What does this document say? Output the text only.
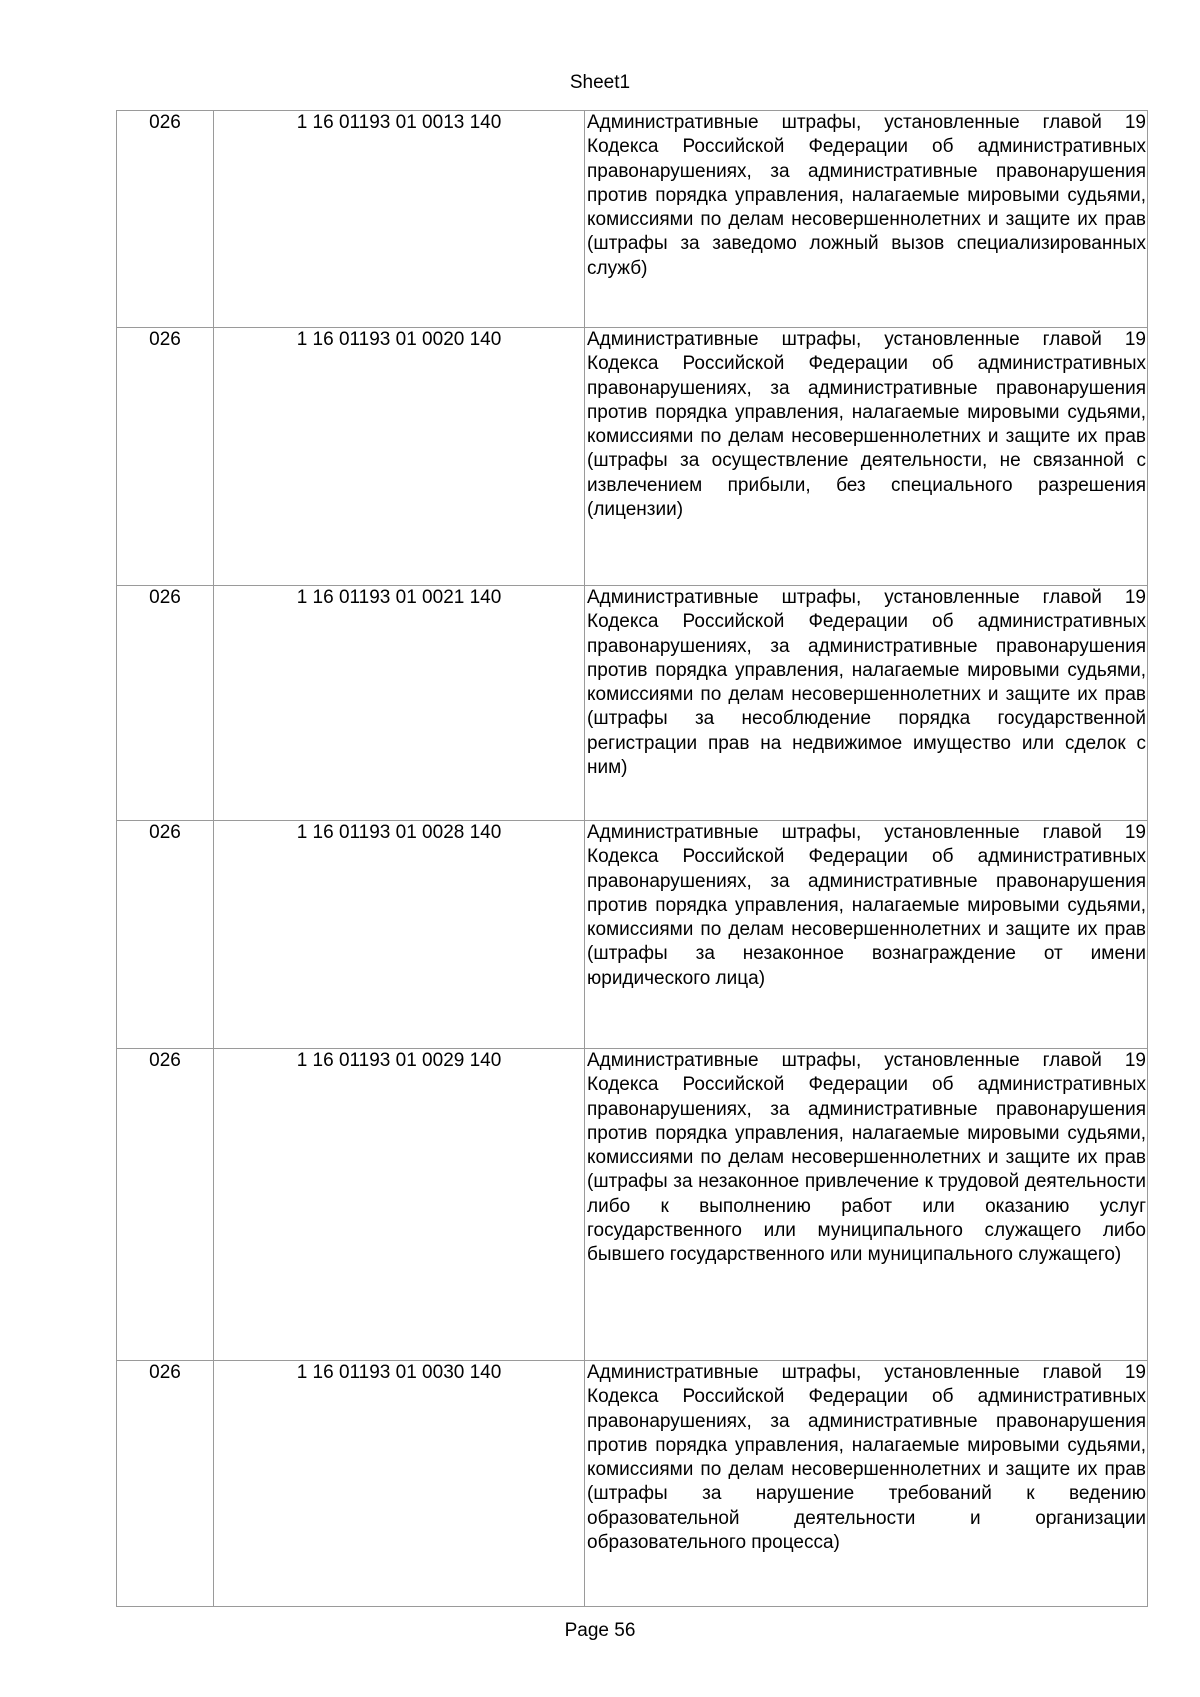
Sheet1
026	1 16 01193 01 0013 140	Административные штрафы, установленные главой 19 Кодекса Российской Федерации об административных правонарушениях, за административные правонарушения против порядка управления, налагаемые мировыми судьями, комиссиями по делам несовершеннолетних и защите их прав (штрафы за заведомо ложный вызов специализированных служб)

026	1 16 01193 01 0020 140	Административные штрафы, установленные главой 19 Кодекса Российской Федерации об административных правонарушениях, за административные правонарушения против порядка управления, налагаемые мировыми судьями, комиссиями по делам несовершеннолетних и защите их прав (штрафы за осуществление деятельности, не связанной с извлечением прибыли, без специального разрешения (лицензии)

026	1 16 01193 01 0021 140	Административные штрафы, установленные главой 19 Кодекса Российской Федерации об административных правонарушениях, за административные правонарушения против порядка управления, налагаемые мировыми судьями, комиссиями по делам несовершеннолетних и защите их прав (штрафы за несоблюдение порядка государственной регистрации прав на недвижимое имущество или сделок с ним)

026	1 16 01193 01 0028 140	Административные штрафы, установленные главой 19 Кодекса Российской Федерации об административных правонарушениях, за административные правонарушения против порядка управления, налагаемые мировыми судьями, комиссиями по делам несовершеннолетних и защите их прав (штрафы за незаконное вознаграждение от имени юридического лица)

026	1 16 01193 01 0029 140	Административные штрафы, установленные главой 19 Кодекса Российской Федерации об административных правонарушениях, за административные правонарушения против порядка управления, налагаемые мировыми судьями, комиссиями по делам несовершеннолетних и защите их прав (штрафы за незаконное привлечение к трудовой деятельности либо к выполнению работ или оказанию услуг государственного или муниципального служащего либо бывшего государственного или муниципального служащего)

026	1 16 01193 01 0030 140	Административные штрафы, установленные главой 19 Кодекса Российской Федерации об административных правонарушениях, за административные правонарушения против порядка управления, налагаемые мировыми судьями, комиссиями по делам несовершеннолетних и защите их прав (штрафы за нарушение требований к ведению образовательной деятельности и организации образовательного процесса)
Page 56
